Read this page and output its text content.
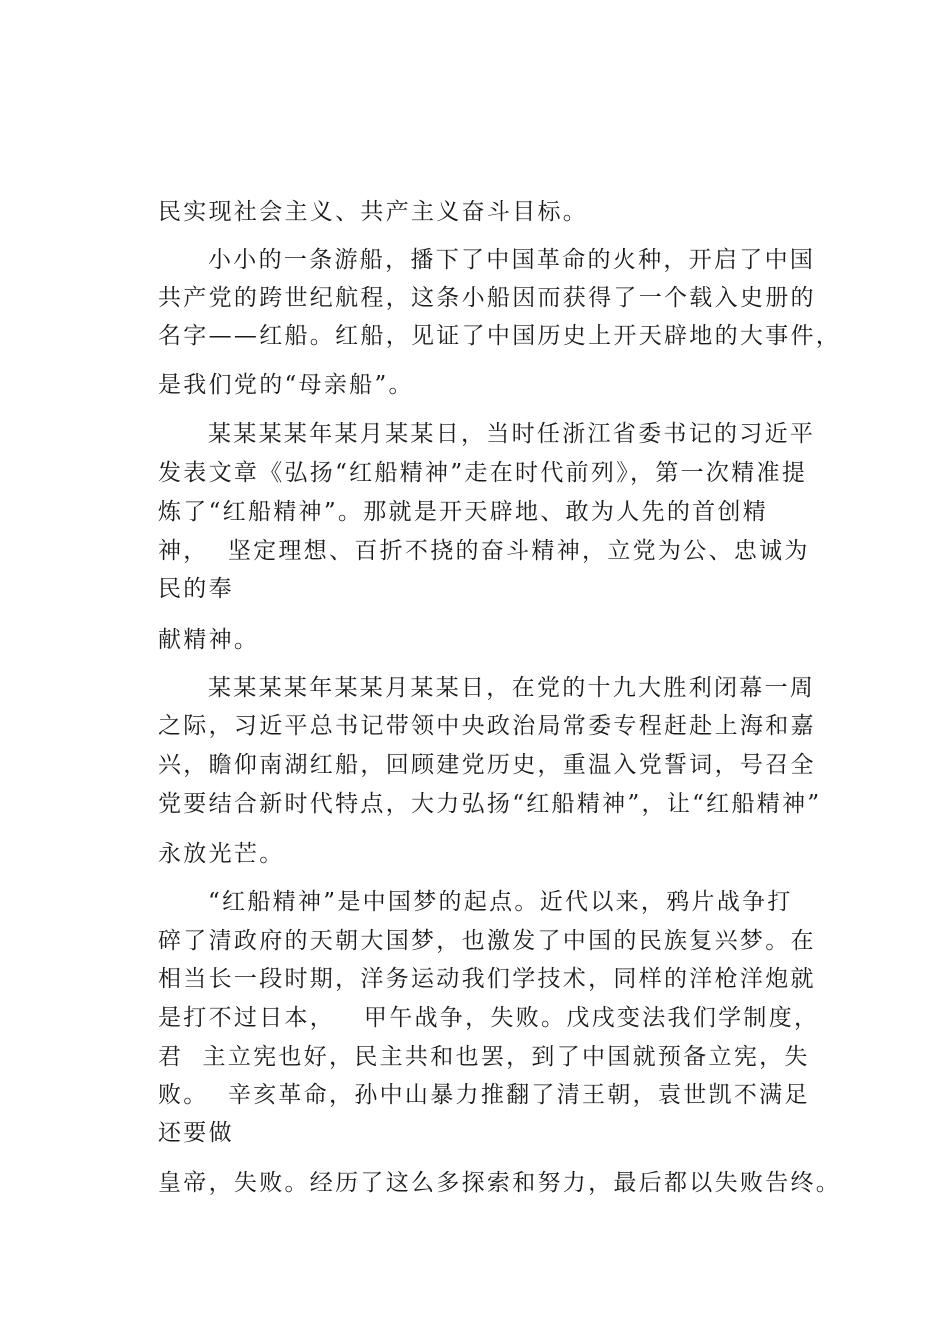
民实现社会主义、共产主义奋斗目标。
小小的一条游船，播下了中国革命的火种，开启了中国
共产党的跨世纪航程，这条小船因而获得了一个载入史册的
名字——红船。红船，见证了中国历史上开天辟地的大事件，
是我们党的“母亲船”。
某某某某年某月某某日，当时任浙江省委书记的习近平
发表文章《弘扬“红船精神”走在时代前列》，第一次精准提
炼了“红船精神”。那就是开天辟地、敢为人先的首创精
神，  坚定理想、百折不挠的奋斗精神，立党为公、忠诚为
民的奉
献精神。
某某某某年某某月某某日，在党的十九大胜利闭幕一周
之际，习近平总书记带领中央政治局常委专程赶赴上海和嘉
兴，瞻仰南湖红船，回顾建党历史，重温入党誓词，号召全
党要结合新时代特点，大力弘扬“红船精神”，让“红船精神”
永放光芒。
“红船精神”是中国梦的起点。近代以来，鸦片战争打
碎了清政府的天朝大国梦，也激发了中国的民族复兴梦。在
相当长一段时期，洋务运动我们学技术，同样的洋枪洋炮就
是打不过日本，   甲午战争，失败。戊戌变法我们学制度，
君  主立宪也好，民主共和也罢，到了中国就预备立宪，失
败。  辛亥革命，孙中山暴力推翻了清王朝，袁世凯不满足
还要做
皇帝，失败。经历了这么多探索和努力，最后都以失败告终。
